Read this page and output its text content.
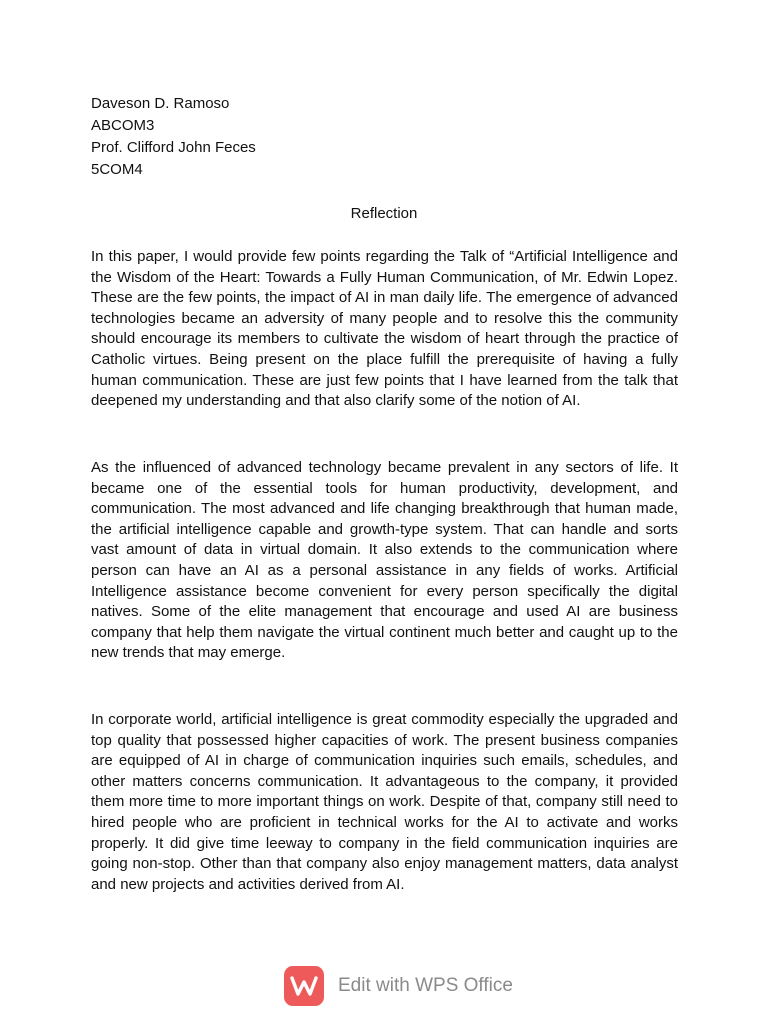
Daveson D. Ramoso
ABCOM3
Prof. Clifford John Feces
5COM4
Reflection

In this paper, I would provide few points regarding the Talk of “Artificial Intelligence and the Wisdom of the Heart: Towards a Fully Human Communication, of Mr. Edwin Lopez. These are the few points, the impact of AI in man daily life. The emergence of advanced technologies became an adversity of many people and to resolve this the community should encourage its members to cultivate the wisdom of heart through the practice of Catholic virtues. Being present on the place fulfill the prerequisite of having a fully human communication. These are just few points that I have learned from the talk that deepened my understanding and that also clarify some of the notion of AI.

As the influenced of advanced technology became prevalent in any sectors of life. It became one of the essential tools for human productivity, development, and communication. The most advanced and life changing breakthrough that human made, the artificial intelligence capable and growth-type system. That can handle and sorts vast amount of data in virtual domain. It also extends to the communication where person can have an AI as a personal assistance in any fields of works. Artificial Intelligence assistance become convenient for every person specifically the digital natives. Some of the elite management that encourage and used AI are business company that help them navigate the virtual continent much better and caught up to the new trends that may emerge.

In corporate world, artificial intelligence is great commodity especially the upgraded and top quality that possessed higher capacities of work. The present business companies are equipped of AI in charge of communication inquiries such emails, schedules, and other matters concerns communication. It advantageous to the company, it provided them more time to more important things on work. Despite of that, company still need to hired people who are proficient in technical works for the AI to activate and works properly. It did give time leeway to company in the field communication inquiries are going non-stop. Other than that company also enjoy management matters, data analyst and new projects and activities derived from AI.

Edit with WPS Office
